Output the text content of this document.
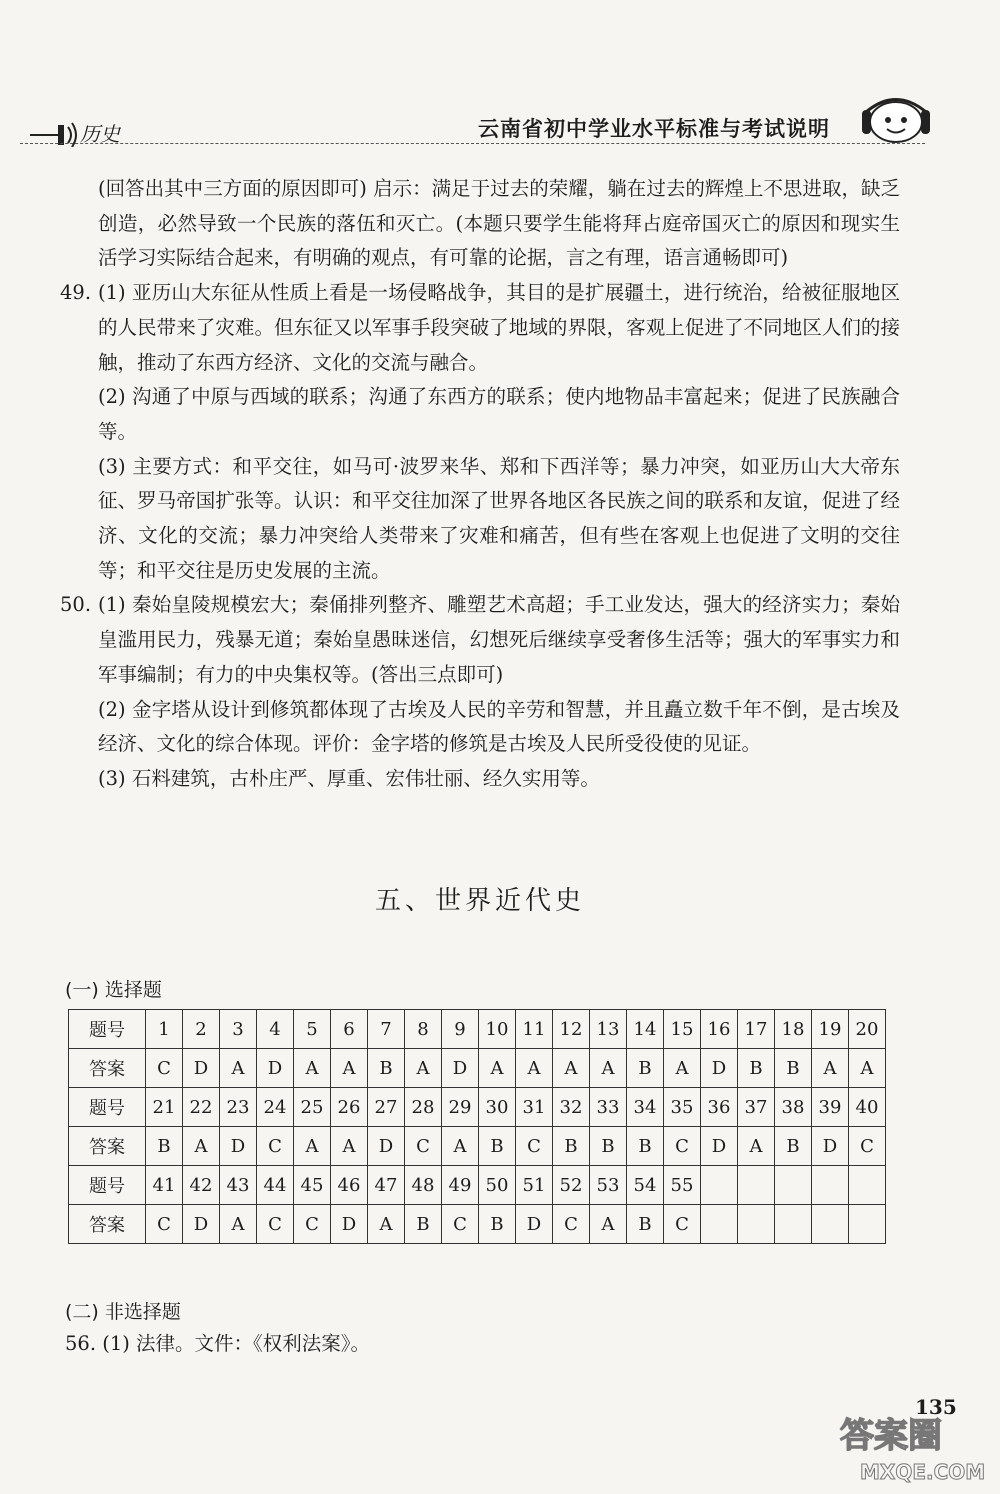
历史	云南省初中学业水平标准与考试说明

(回答出其中三方面的原因即可) 启示：满足于过去的荣耀，躺在过去的辉煌上不思进取，缺乏创造，必然导致一个民族的落伍和灭亡。(本题只要学生能将拜占庭帝国灭亡的原因和现实生活学习实际结合起来，有明确的观点，有可靠的论据，言之有理，语言通畅即可)

49. (1) 亚历山大东征从性质上看是一场侵略战争，其目的是扩展疆土，进行统治，给被征服地区的人民带来了灾难。但东征又以军事手段突破了地域的界限，客观上促进了不同地区人们的接触，推动了东西方经济、文化的交流与融合。

(2) 沟通了中原与西域的联系；沟通了东西方的联系；使内地物品丰富起来；促进了民族融合等。

(3) 主要方式：和平交往，如马可·波罗来华、郑和下西洋等；暴力冲突，如亚历山大大帝东征、罗马帝国扩张等。认识：和平交往加深了世界各地区各民族之间的联系和友谊，促进了经济、文化的交流；暴力冲突给人类带来了灾难和痛苦，但有些在客观上也促进了文明的交往等；和平交往是历史发展的主流。

50. (1) 秦始皇陵规模宏大；秦俑排列整齐、雕塑艺术高超；手工业发达，强大的经济实力；秦始皇滥用民力，残暴无道；秦始皇愚昧迷信，幻想死后继续享受奢侈生活等；强大的军事实力和军事编制；有力的中央集权等。(答出三点即可)

(2) 金字塔从设计到修筑都体现了古埃及人民的辛劳和智慧，并且矗立数千年不倒，是古埃及经济、文化的综合体现。评价：金字塔的修筑是古埃及人民所受役使的见证。

(3) 石料建筑，古朴庄严、厚重、宏伟壮丽、经久实用等。

五、世界近代史
(一) 选择题
题号	1	2	3	4	5	6	7	8	9	10	11	12	13	14	15	16	17	18	19	20
答案	C	D	A	D	A	A	B	A	D	A	A	A	A	B	A	D	B	B	A	A
题号	21	22	23	24	25	26	27	28	29	30	31	32	33	34	35	36	37	38	39	40
答案	B	A	D	C	A	A	D	C	A	B	C	B	B	B	C	D	A	B	D	C
题号	41	42	43	44	45	46	47	48	49	50	51	52	53	54	55					
答案	C	D	A	C	C	D	A	B	C	B	D	C	A	B	C					
(二) 非选择题
56. (1) 法律。文件：《权利法案》。
135
答案圈
MXQE.COM
